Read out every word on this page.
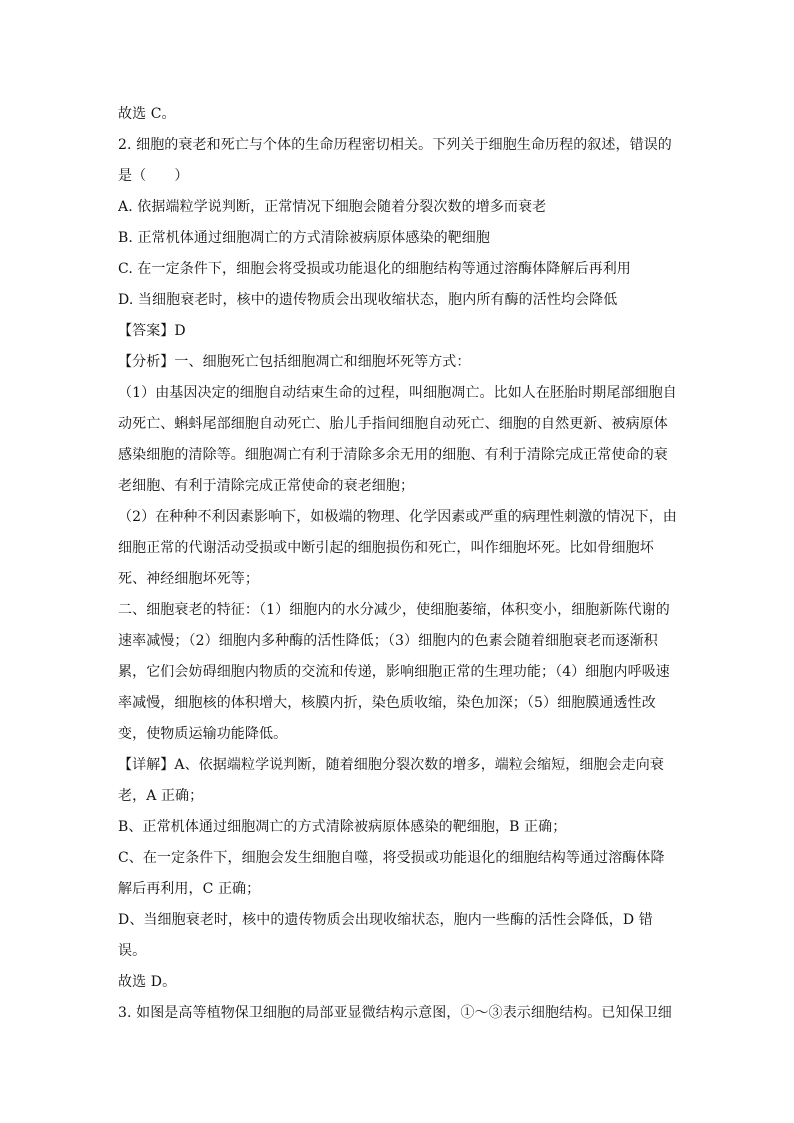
故选 C。
2. 细胞的衰老和死亡与个体的生命历程密切相关。下列关于细胞生命历程的叙述，错误的
是（　　）
A. 依据端粒学说判断，正常情况下细胞会随着分裂次数的增多而衰老
B. 正常机体通过细胞凋亡的方式清除被病原体感染的靶细胞
C. 在一定条件下，细胞会将受损或功能退化的细胞结构等通过溶酶体降解后再利用
D. 当细胞衰老时，核中的遗传物质会出现收缩状态，胞内所有酶的活性均会降低
【答案】D
【分析】一、细胞死亡包括细胞凋亡和细胞坏死等方式：
（1）由基因决定的细胞自动结束生命的过程，叫细胞凋亡。比如人在胚胎时期尾部细胞自
动死亡、蝌蚪尾部细胞自动死亡、胎儿手指间细胞自动死亡、细胞的自然更新、被病原体
感染细胞的清除等。细胞凋亡有利于清除多余无用的细胞、有利于清除完成正常使命的衰
老细胞、有利于清除完成正常使命的衰老细胞；
（2）在种种不利因素影响下，如极端的物理、化学因素或严重的病理性刺激的情况下，由
细胞正常的代谢活动受损或中断引起的细胞损伤和死亡，叫作细胞坏死。比如骨细胞坏
死、神经细胞坏死等；
二、细胞衰老的特征：（1）细胞内的水分减少，使细胞萎缩，体积变小，细胞新陈代谢的
速率减慢；（2）细胞内多种酶的活性降低；（3）细胞内的色素会随着细胞衰老而逐渐积
累，它们会妨碍细胞内物质的交流和传递，影响细胞正常的生理功能；（4）细胞内呼吸速
率减慢，细胞核的体积增大，核膜内折，染色质收缩，染色加深；（5）细胞膜通透性改
变，使物质运输功能降低。
【详解】A、依据端粒学说判断，随着细胞分裂次数的增多，端粒会缩短，细胞会走向衰
老，A 正确；
B、正常机体通过细胞凋亡的方式清除被病原体感染的靶细胞，B 正确；
C、在一定条件下，细胞会发生细胞自噬，将受损或功能退化的细胞结构等通过溶酶体降
解后再利用，C 正确；
D、当细胞衰老时，核中的遗传物质会出现收缩状态，胞内一些酶的活性会降低，D 错
误。
故选 D。
3. 如图是高等植物保卫细胞的局部亚显微结构示意图，①～③表示细胞结构。已知保卫细
